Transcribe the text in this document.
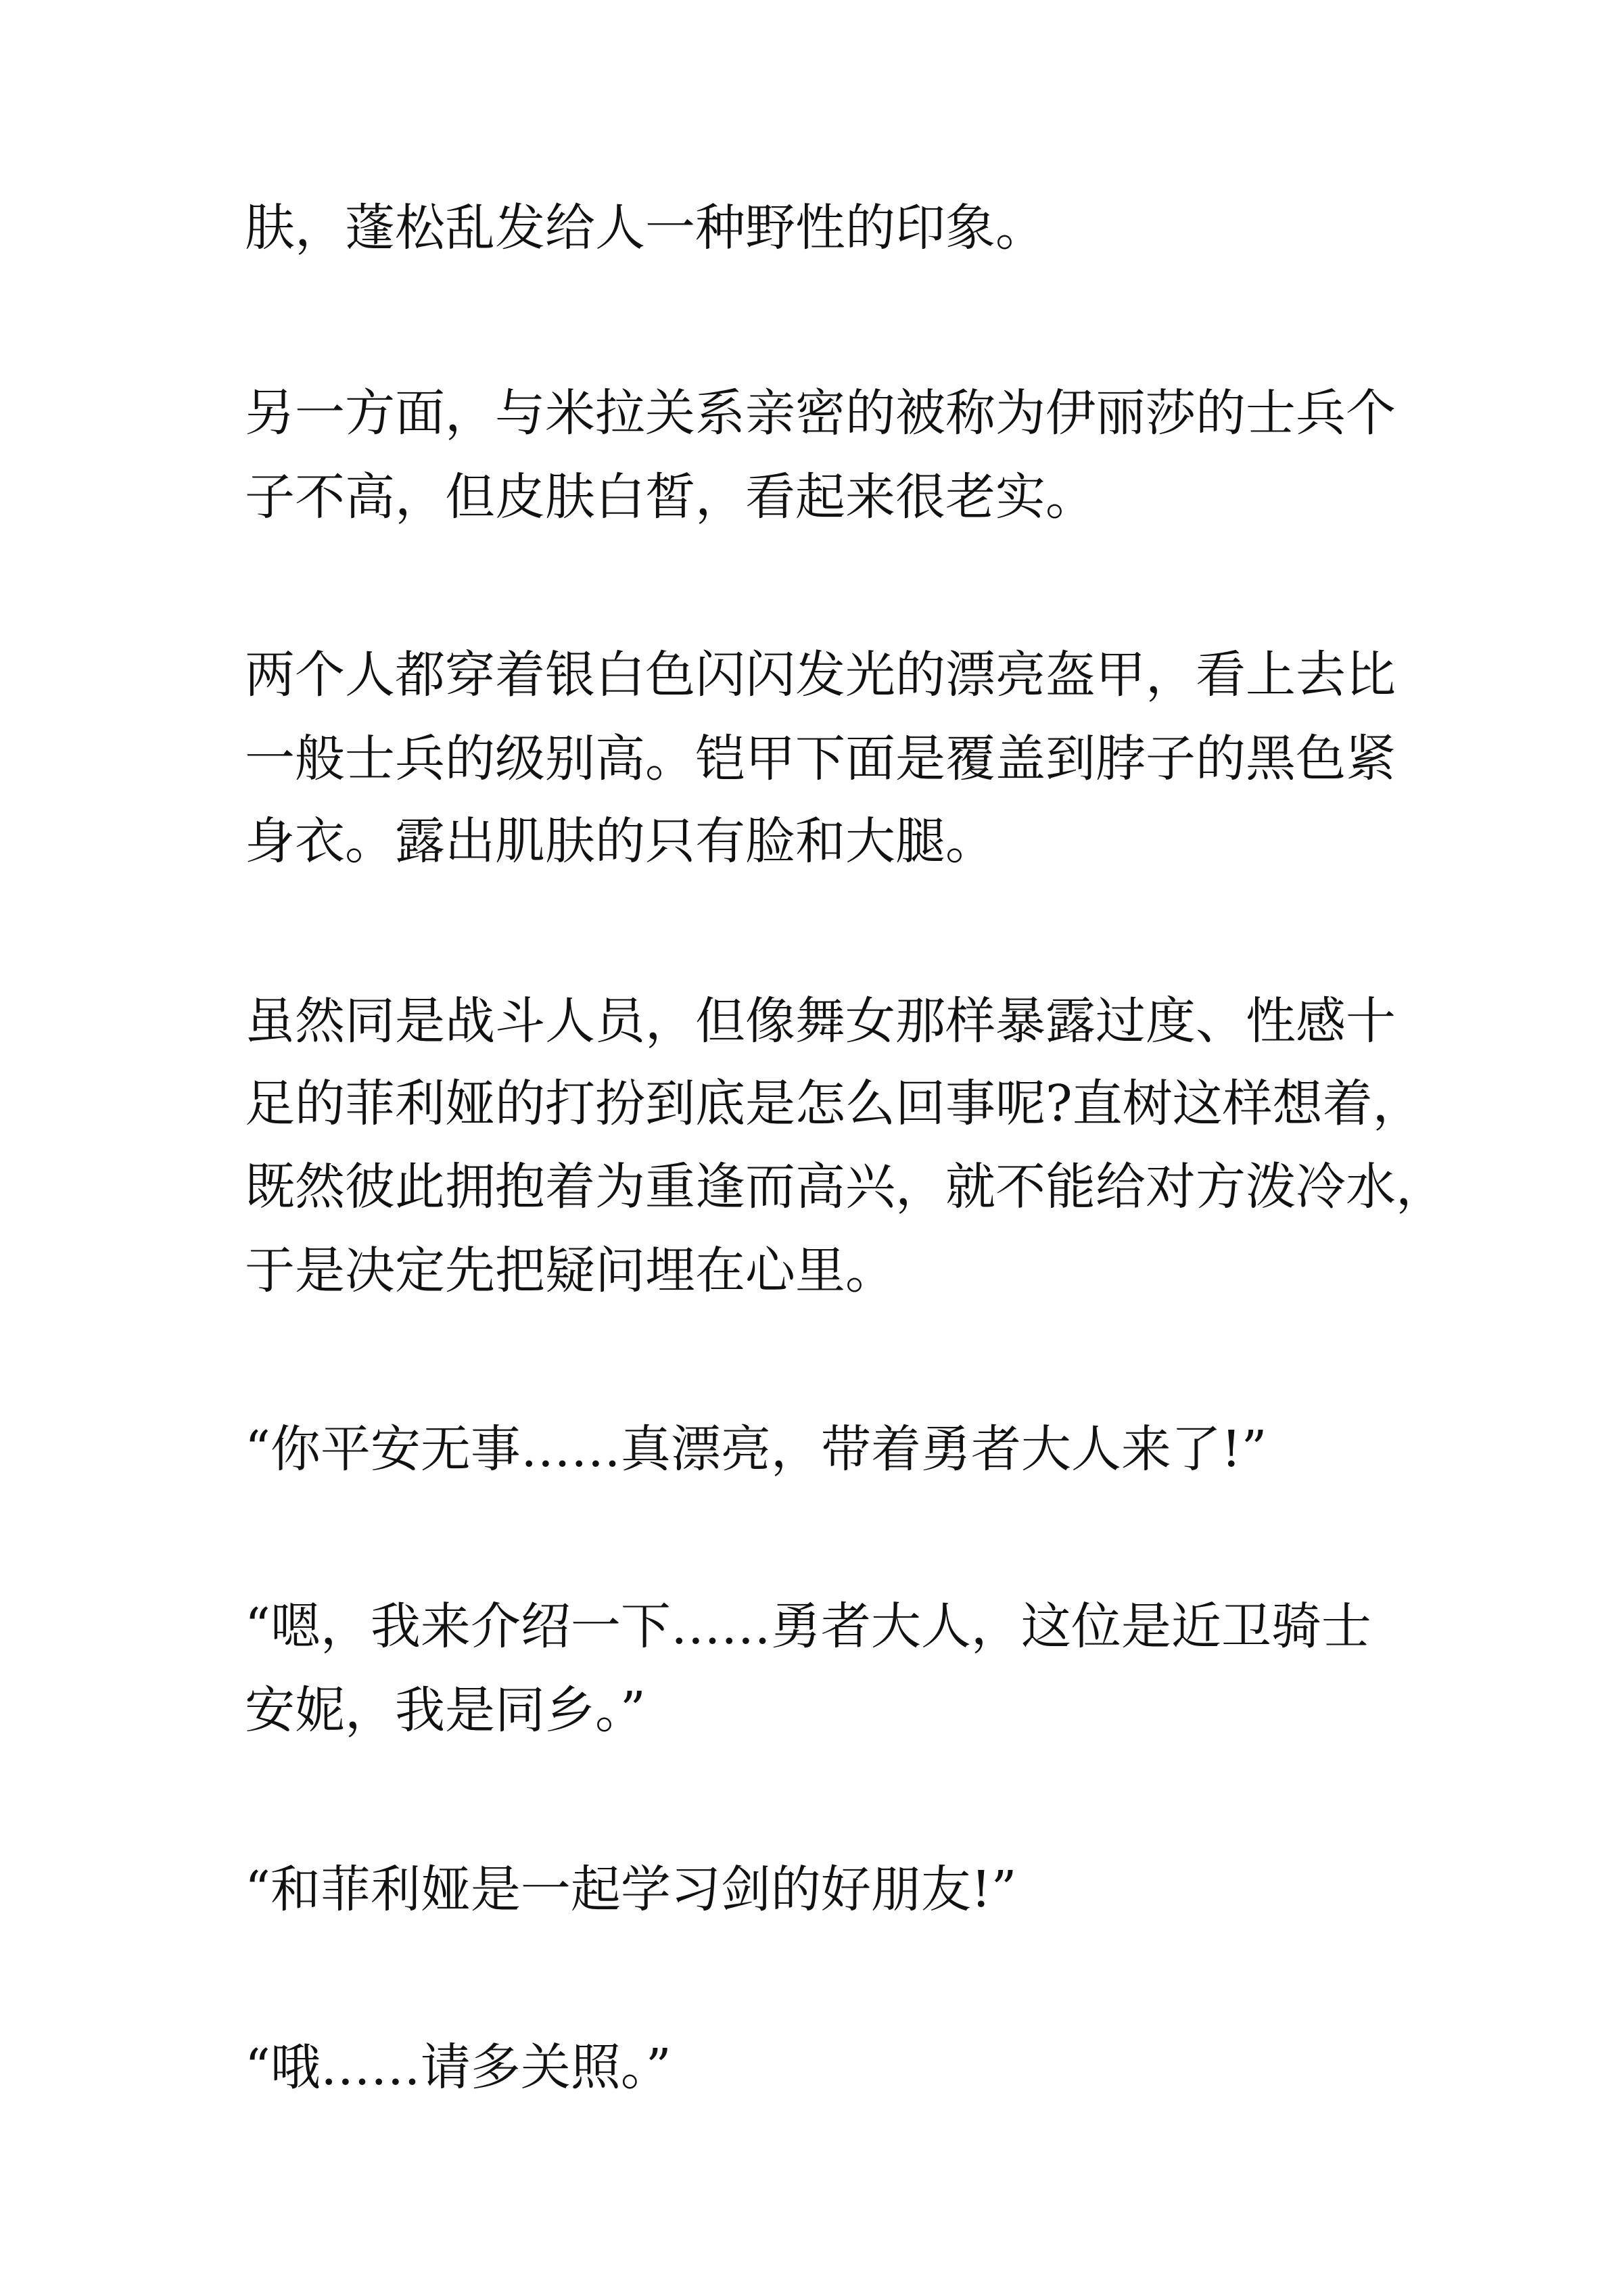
肤，蓬松乱发给人一种野性的印象。

另一方面，与米拉关系亲密的被称为伊丽莎的士兵个

子不高，但皮肤白皙，看起来很老实。

两个人都穿着银白色闪闪发光的漂亮盔甲，看上去比

一般士兵的级别高。铠甲下面是覆盖到脖子的黑色紧

身衣。露出肌肤的只有脸和大腿。

虽然同是战斗人员，但像舞女那样暴露过度、性感十

足的菲利娅的打扮到底是怎么回事呢?直树这样想着，

既然彼此拥抱着为重逢而高兴，就不能给对方泼冷水，

于是决定先把疑问埋在心里。

“你平安无事……真漂亮，带着勇者大人来了!”

“嗯，我来介绍一下……勇者大人，这位是近卫骑士

安妮，我是同乡。”

“和菲利娅是一起学习剑的好朋友!”

“哦……请多关照。”
